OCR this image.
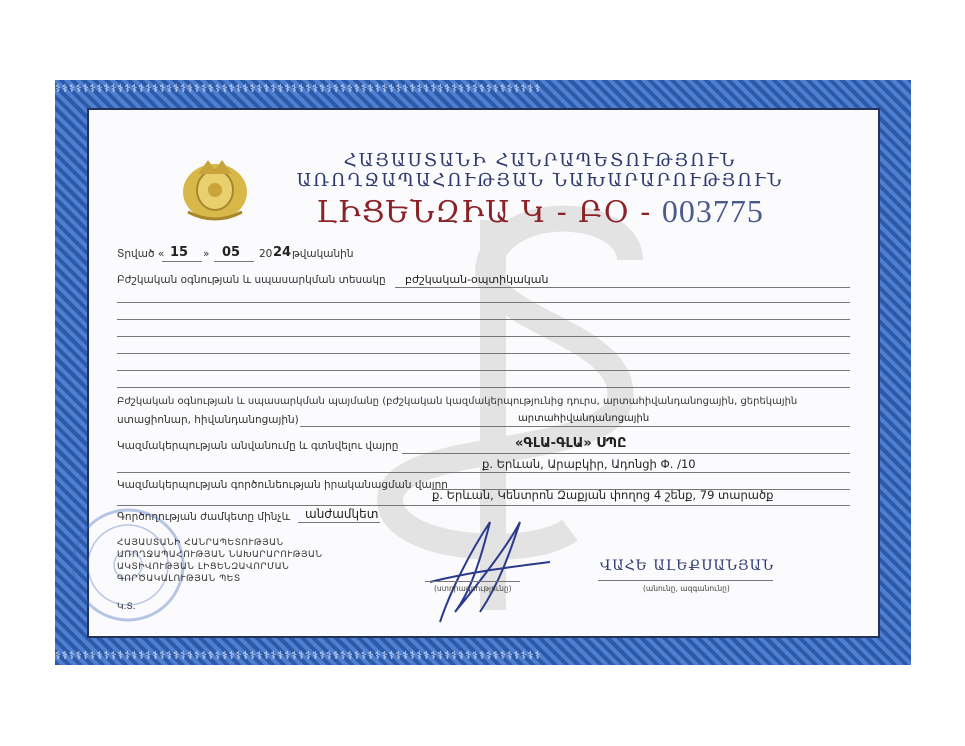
⚕⚕⚕⚕⚕⚕⚕⚕⚕⚕⚕⚕⚕⚕⚕⚕⚕⚕⚕⚕⚕⚕⚕⚕⚕⚕⚕⚕⚕⚕⚕⚕⚕⚕⚕⚕⚕⚕⚕⚕⚕⚕⚕⚕⚕⚕⚕⚕⚕⚕⚕⚕⚕⚕⚕⚕⚕⚕⚕⚕⚕⚕⚕⚕⚕⚕⚕⚕⚕⚕
⚕⚕⚕⚕⚕⚕⚕⚕⚕⚕⚕⚕⚕⚕⚕⚕⚕⚕⚕⚕⚕⚕⚕⚕⚕⚕⚕⚕⚕⚕⚕⚕⚕⚕⚕⚕⚕⚕⚕⚕⚕⚕⚕⚕⚕⚕⚕⚕⚕⚕⚕⚕⚕⚕⚕⚕⚕⚕⚕⚕⚕⚕⚕⚕⚕⚕⚕⚕⚕⚕
ՀԱՅԱՍՏԱՆԻ ՀԱՆՐԱՊԵՏՈՒԹՅՈՒՆ
ԱՌՈՂՋԱՊԱՀՈՒԹՅԱՆ ՆԱԽԱՐԱՐՈՒԹՅՈՒՆ
ԼԻՑԵՆԶԻԱ Կ - ԲՕ - 003775
Տրված « 15 » 05 20 24 թվականին
Բժշկական օգնության և սպասարկման տեսակը բժշկական-օպտիկական
Բժշկական օգնության և սպասարկման պայմանը (բժշկական կազմակերպությունից դուրս, արտահիվանդանոցային, ցերեկային
ստացիոնար, հիվանդանոցային)	արտահիվանդանոցային
Կազմակերպության անվանումը և գտնվելու վայրը	«ԳԼԱ-ԳԼԱ» ՍՊԸ
ք. Երևան, Արաբկիր, Ադոնցի Փ. /10
Կազմակերպության գործունեության իրականացման վայրը
ք. Երևան, Կենտրոն Զաքյան փողոց 4 շենք, 79 տարածք
Գործողության ժամկետը մինչև անժամկետ
ՀԱՅԱՍՏԱՆԻ ՀԱՆՐԱՊԵՏՈՒԹՅԱՆ
ԱՌՈՂՋԱՊԱՀՈՒԹՅԱՆ ՆԱԽԱՐԱՐՈՒԹՅԱՆ
ԱԿՏԻՎՈՒԹՅԱՆ ԼԻՑԵՆԶԱՎՈՐՄԱՆ
ԳՈՐԾԱԿԱԼՈՒԹՅԱՆ ՊԵՏ
Կ.Տ.
(ստորագրությունը)
ՎԱՀԵ ԱԼԵՔՍԱՆՅԱՆ
(անունը, ազգանունը)
